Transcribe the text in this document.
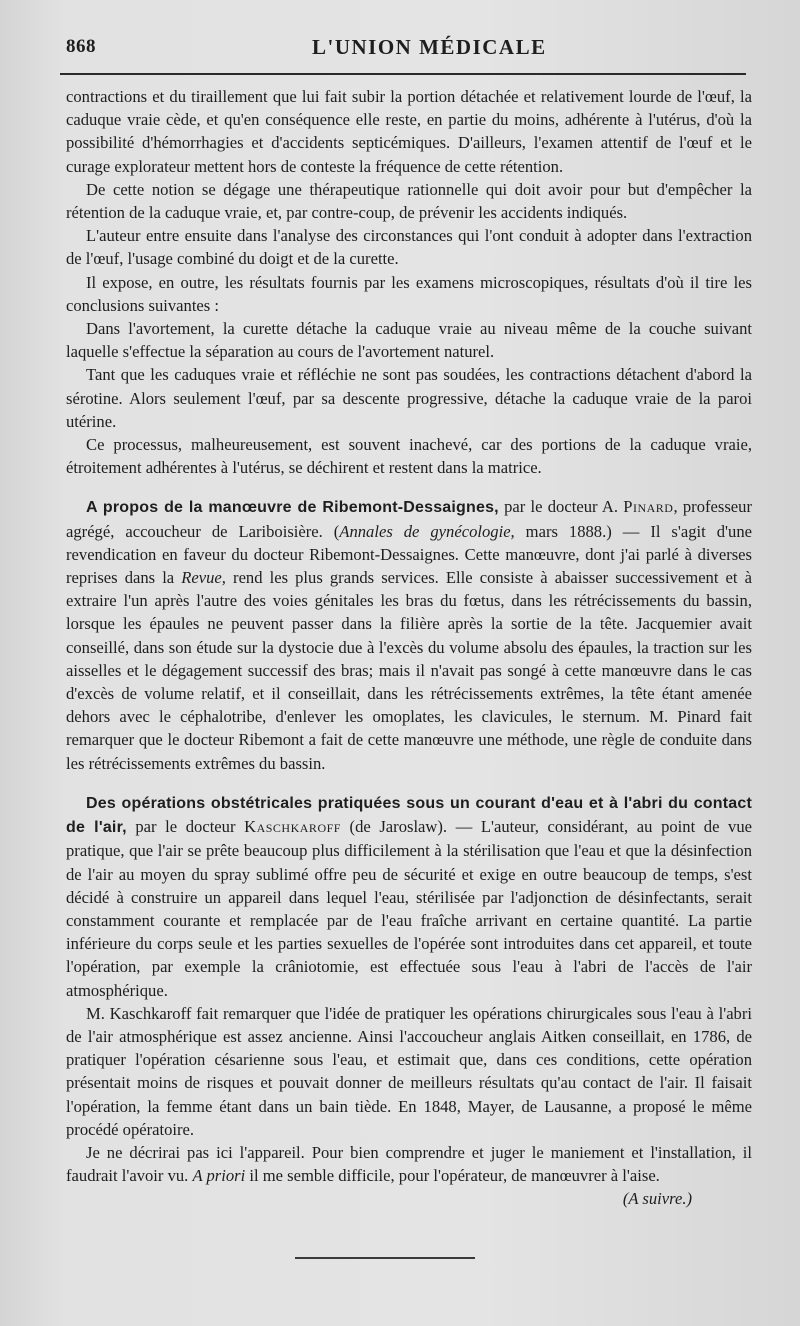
868	L'UNION MÉDICALE

contractions et du tiraillement que lui fait subir la portion détachée et relativement lourde de l'œuf, la caduque vraie cède, et qu'en conséquence elle reste, en partie du moins, adhérente à l'utérus, d'où la possibilité d'hémorrhagies et d'accidents septicémiques. D'ailleurs, l'examen attentif de l'œuf et le curage explorateur mettent hors de conteste la fréquence de cette rétention.

De cette notion se dégage une thérapeutique rationnelle qui doit avoir pour but d'empêcher la rétention de la caduque vraie, et, par contre-coup, de prévenir les accidents indiqués.

L'auteur entre ensuite dans l'analyse des circonstances qui l'ont conduit à adopter dans l'extraction de l'œuf, l'usage combiné du doigt et de la curette.

Il expose, en outre, les résultats fournis par les examens microscopiques, résultats d'où il tire les conclusions suivantes :

Dans l'avortement, la curette détache la caduque vraie au niveau même de la couche suivant laquelle s'effectue la séparation au cours de l'avortement naturel.

Tant que les caduques vraie et réfléchie ne sont pas soudées, les contractions détachent d'abord la sérotine. Alors seulement l'œuf, par sa descente progressive, détache la caduque vraie de la paroi utérine.

Ce processus, malheureusement, est souvent inachevé, car des portions de la caduque vraie, étroitement adhérentes à l'utérus, se déchirent et restent dans la matrice.

A propos de la manœuvre de Ribemont-Dessaignes, par le docteur A. Pinard, professeur agrégé, accoucheur de Lariboisière. (Annales de gynécologie, mars 1888.) — Il s'agit d'une revendication en faveur du docteur Ribemont-Dessaignes. Cette manœuvre, dont j'ai parlé à diverses reprises dans la Revue, rend les plus grands services. Elle consiste à abaisser successivement et à extraire l'un après l'autre des voies génitales les bras du fœtus, dans les rétrécissements du bassin, lorsque les épaules ne peuvent passer dans la filière après la sortie de la tête. Jacquemier avait conseillé, dans son étude sur la dystocie due à l'excès du volume absolu des épaules, la traction sur les aisselles et le dégagement successif des bras; mais il n'avait pas songé à cette manœuvre dans le cas d'excès de volume relatif, et il conseillait, dans les rétrécissements extrêmes, la tête étant amenée dehors avec le céphalotribe, d'enlever les omoplates, les clavicules, le sternum. M. Pinard fait remarquer que le docteur Ribemont a fait de cette manœuvre une méthode, une règle de conduite dans les rétrécissements extrêmes du bassin.

Des opérations obstétricales pratiquées sous un courant d'eau et à l'abri du contact de l'air, par le docteur Kaschkaroff (de Jaroslaw). — L'auteur, considérant, au point de vue pratique, que l'air se prête beaucoup plus difficilement à la stérilisation que l'eau et que la désinfection de l'air au moyen du spray sublimé offre peu de sécurité et exige en outre beaucoup de temps, s'est décidé à construire un appareil dans lequel l'eau, stérilisée par l'adjonction de désinfectants, serait constamment courante et remplacée par de l'eau fraîche arrivant en certaine quantité. La partie inférieure du corps seule et les parties sexuelles de l'opérée sont introduites dans cet appareil, et toute l'opération, par exemple la crâniotomie, est effectuée sous l'eau à l'abri de l'accès de l'air atmosphérique.

M. Kaschkaroff fait remarquer que l'idée de pratiquer les opérations chirurgicales sous l'eau à l'abri de l'air atmosphérique est assez ancienne. Ainsi l'accoucheur anglais Aitken conseillait, en 1786, de pratiquer l'opération césarienne sous l'eau, et estimait que, dans ces conditions, cette opération présentait moins de risques et pouvait donner de meilleurs résultats qu'au contact de l'air. Il faisait l'opération, la femme étant dans un bain tiède. En 1848, Mayer, de Lausanne, a proposé le même procédé opératoire.

Je ne décrirai pas ici l'appareil. Pour bien comprendre et juger le maniement et l'installation, il faudrait l'avoir vu. A priori il me semble difficile, pour l'opérateur, de manœuvrer à l'aise.
(A suivre.)
